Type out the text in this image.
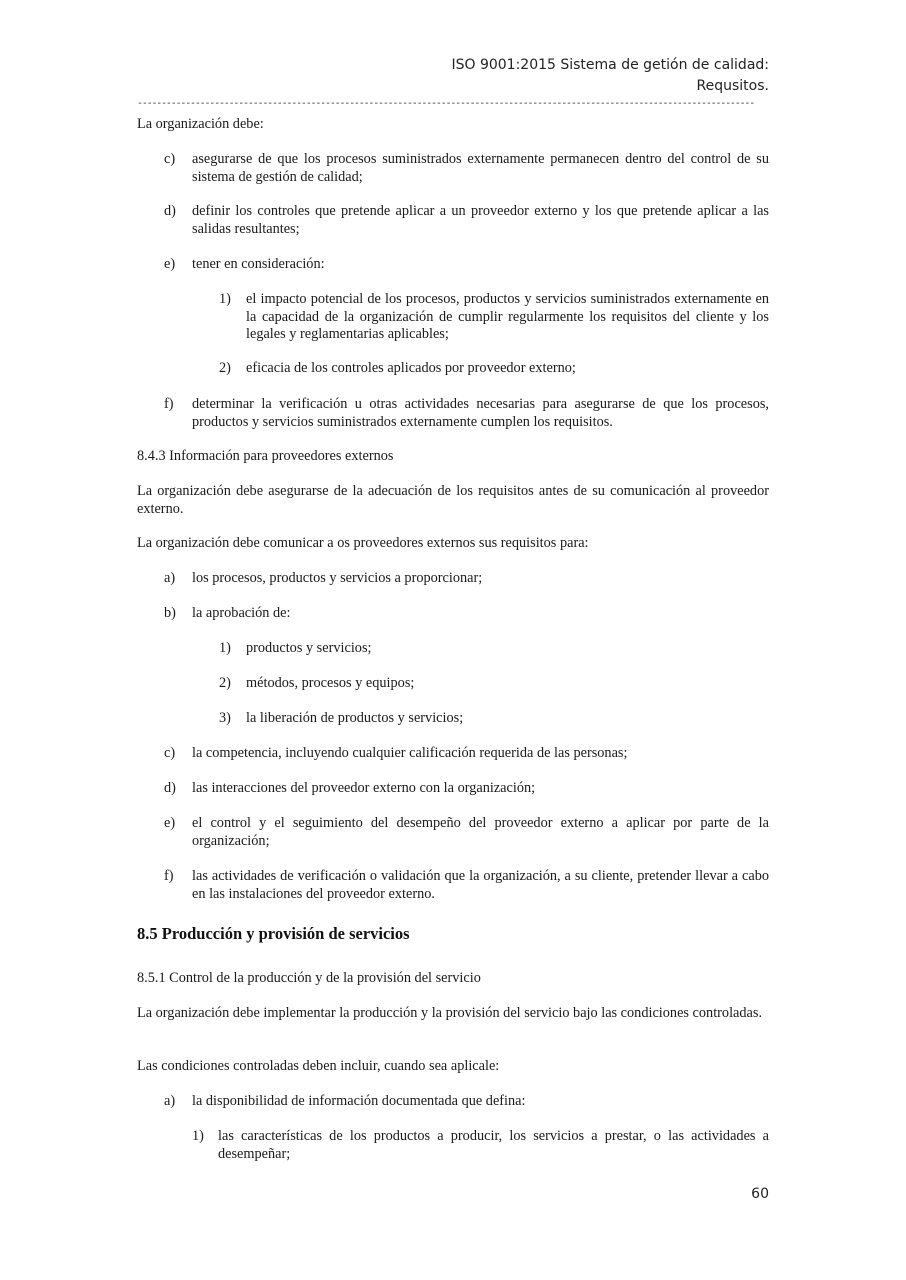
ISO 9001:2015 Sistema de getión de calidad:
Requsitos.
--------------------------------------------------------------------------------------------------------------------------------
La organización debe:
c) asegurarse de que los procesos suministrados externamente permanecen dentro del control de su sistema de gestión de calidad;
d) definir los controles que pretende aplicar a un proveedor externo y los que pretende aplicar a las salidas resultantes;
e) tener en consideración:
1) el impacto potencial de los procesos, productos y servicios suministrados externamente en la capacidad de la organización de cumplir regularmente los requisitos del cliente y los legales y reglamentarias aplicables;
2) eficacia de los controles aplicados por proveedor externo;
f) determinar la verificación u otras actividades necesarias para asegurarse de que los procesos, productos y servicios suministrados externamente cumplen los requisitos.
8.4.3 Información para proveedores externos
La organización debe asegurarse de la adecuación de los requisitos antes de su comunicación al proveedor externo.
La organización debe comunicar a os proveedores externos sus requisitos para:
a) los procesos, productos y servicios a proporcionar;
b) la aprobación de:
1) productos y servicios;
2) métodos, procesos y equipos;
3) la liberación de productos y servicios;
c) la competencia, incluyendo cualquier calificación requerida de las personas;
d) las interacciones del proveedor externo con la organización;
e) el control y el seguimiento del desempeño del proveedor externo a aplicar por parte de la organización;
f) las actividades de verificación o validación que la organización, a su cliente, pretender llevar a cabo en las instalaciones del proveedor externo.
8.5 Producción y provisión de servicios
8.5.1 Control de la producción y de la provisión del servicio
La organización debe implementar la producción y la provisión del servicio bajo las condiciones controladas.
Las condiciones controladas deben incluir, cuando sea aplicale:
a) la disponibilidad de información documentada que defina:
1) las características de los productos a producir, los servicios a prestar, o las actividades a desempeñar;
60
